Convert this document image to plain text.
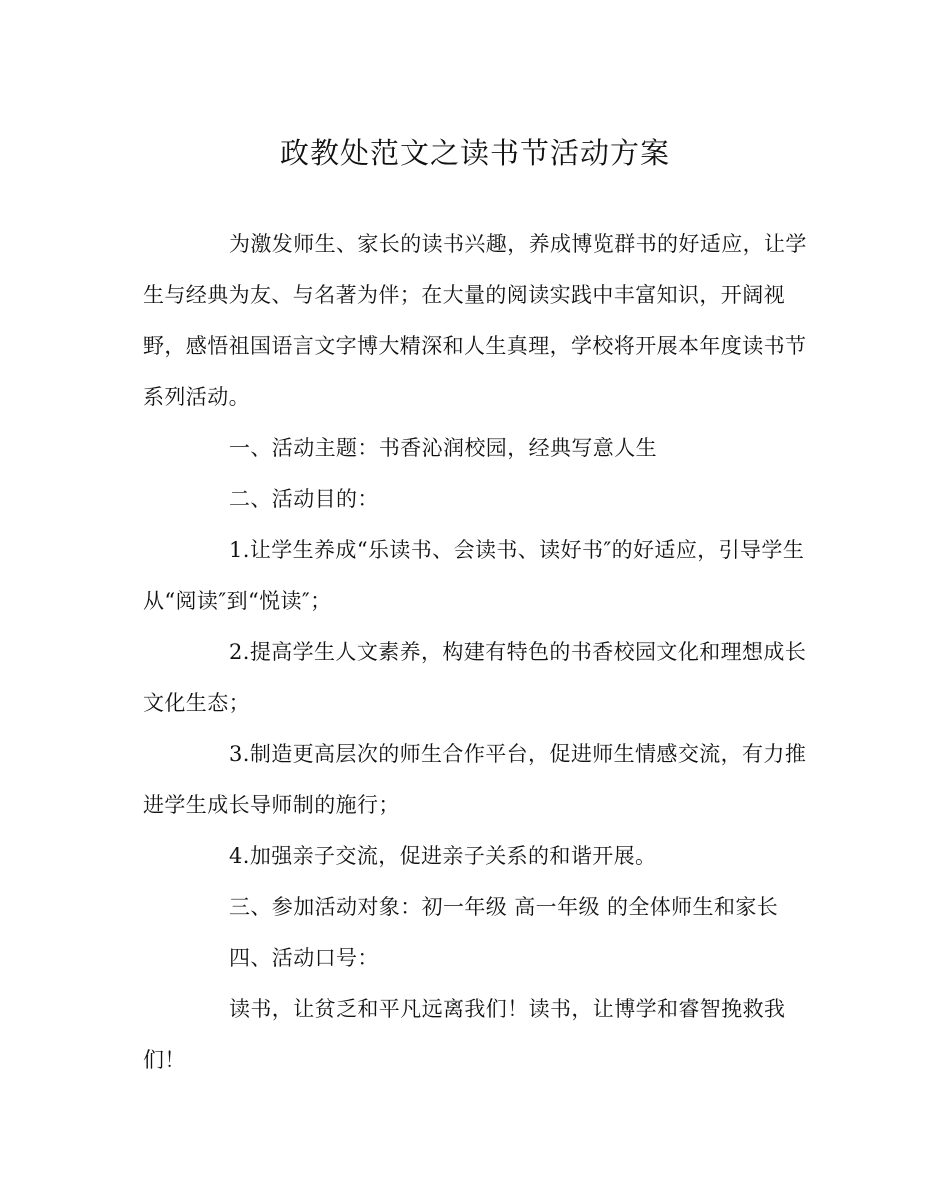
政教处范文之读书节活动方案

为激发师生、家长的读书兴趣，养成博览群书的好适应，让学生与经典为友、与名著为伴；在大量的阅读实践中丰富知识，开阔视野，感悟祖国语言文字博大精深和人生真理，学校将开展本年度读书节系列活动。

一、活动主题：书香沁润校园，经典写意人生

二、活动目的：

1.让学生养成“乐读书、会读书、读好书″的好适应，引导学生从“阅读″到“悦读″；

2.提高学生人文素养，构建有特色的书香校园文化和理想成长文化生态；

3.制造更高层次的师生合作平台，促进师生情感交流，有力推进学生成长导师制的施行；

4.加强亲子交流，促进亲子关系的和谐开展。

三、参加活动对象：初一年级 高一年级 的全体师生和家长

四、活动口号：

读书，让贫乏和平凡远离我们！读书，让博学和睿智挽救我们！
